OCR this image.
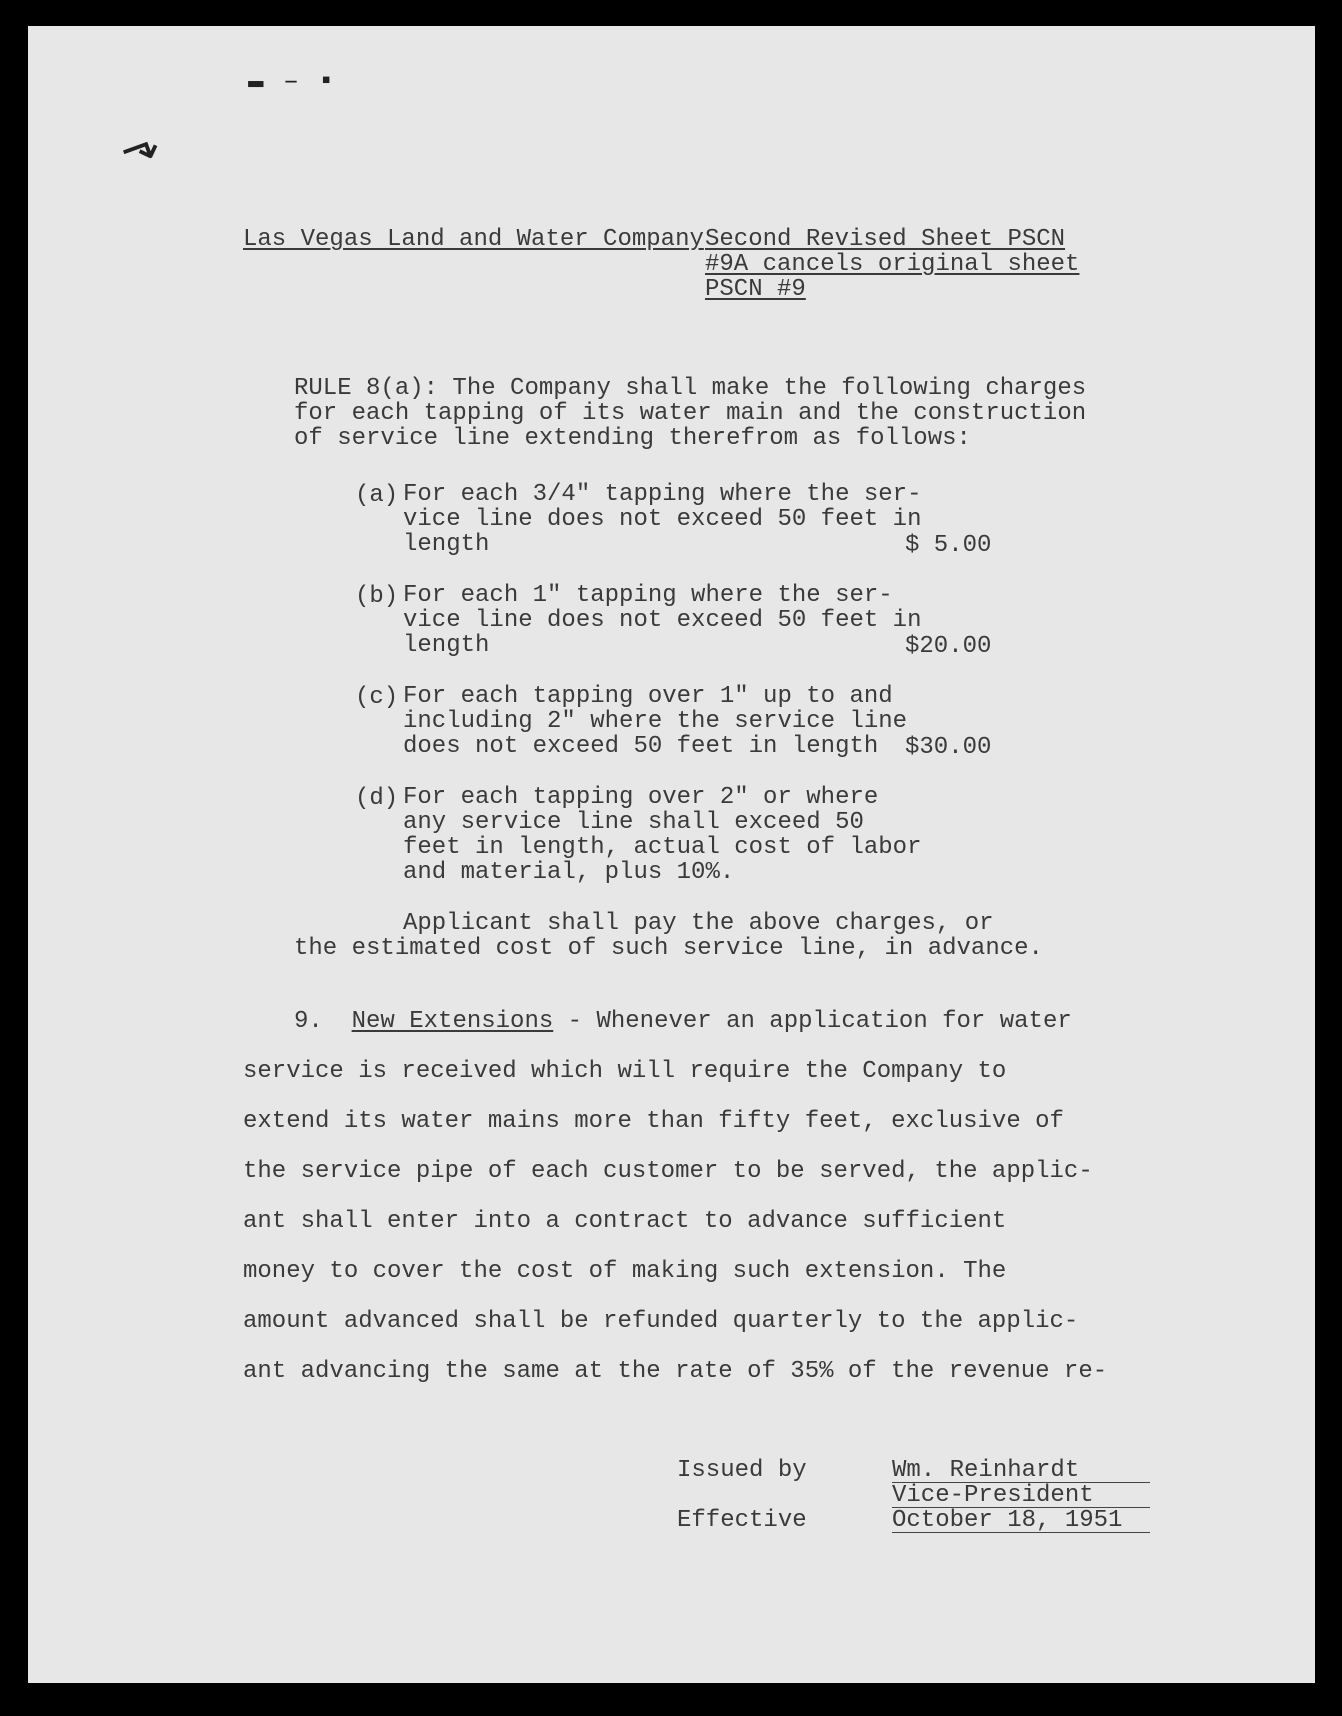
▬ ‒ ▪
⬎
Las Vegas Land and Water Company Second Revised Sheet PSCN
#9A cancels original sheet
PSCN #9
RULE 8(a): The Company shall make the following charges
for each tapping of its water main and the construction
of service line extending therefrom as follows:
(a) For each 3/4" tapping where the ser-
vice line does not exceed 50 feet in
length	$ 5.00
(b) For each 1" tapping where the ser-
vice line does not exceed 50 feet in
length	$20.00
(c) For each tapping over 1" up to and
including 2" where the service line
does not exceed 50 feet in length $30.00
(d) For each tapping over 2" or where
any service line shall exceed 50
feet in length, actual cost of labor
and material, plus 10%.
Applicant shall pay the above charges, or
the estimated cost of such service line, in advance.
9. New Extensions - Whenever an application for water
service is received which will require the Company to
extend its water mains more than fifty feet, exclusive of
the service pipe of each customer to be served, the applic-
ant shall enter into a contract to advance sufficient
money to cover the cost of making such extension. The
amount advanced shall be refunded quarterly to the applic-
ant advancing the same at the rate of 35% of the revenue re-
Issued by	Wm. Reinhardt
Vice-President
Effective	October 18, 1951
